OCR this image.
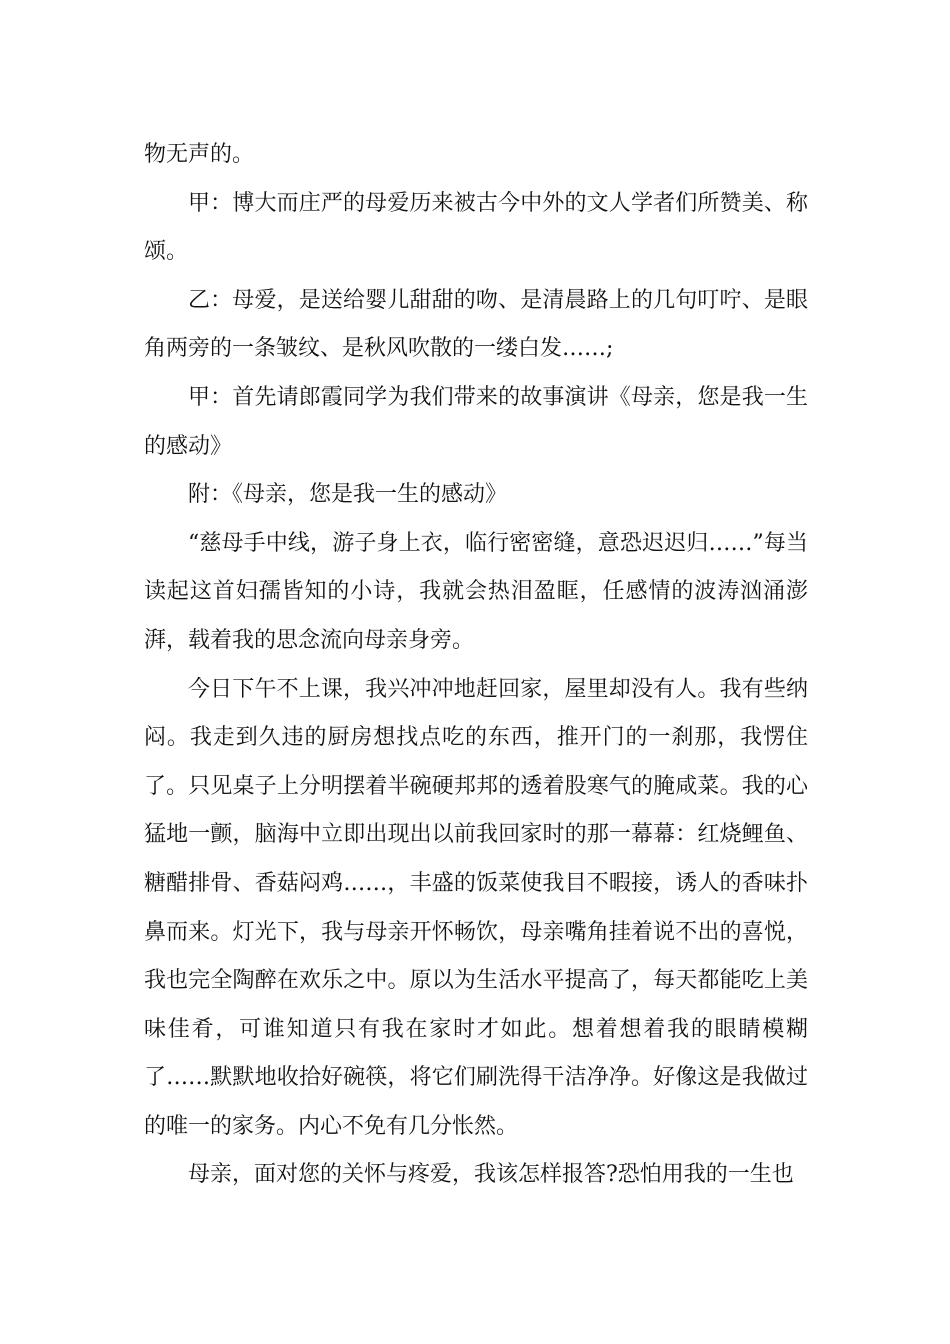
物无声的。

甲：博大而庄严的母爱历来被古今中外的文人学者们所赞美、称颂。

乙：母爱，是送给婴儿甜甜的吻、是清晨路上的几句叮咛、是眼角两旁的一条皱纹、是秋风吹散的一缕白发……;

甲：首先请郎霞同学为我们带来的故事演讲《母亲，您是我一生的感动》

附：《母亲，您是我一生的感动》

“慈母手中线，游子身上衣，临行密密缝，意恐迟迟归……”每当读起这首妇孺皆知的小诗，我就会热泪盈眶，任感情的波涛汹涌澎湃，载着我的思念流向母亲身旁。

今日下午不上课，我兴冲冲地赶回家，屋里却没有人。我有些纳闷。我走到久违的厨房想找点吃的东西，推开门的一刹那，我愣住了。只见桌子上分明摆着半碗硬邦邦的透着股寒气的腌咸菜。我的心猛地一颤，脑海中立即出现出以前我回家时的那一幕幕：红烧鲤鱼、糖醋排骨、香菇闷鸡……，丰盛的饭菜使我目不暇接，诱人的香味扑鼻而来。灯光下，我与母亲开怀畅饮，母亲嘴角挂着说不出的喜悦，我也完全陶醉在欢乐之中。原以为生活水平提高了，每天都能吃上美味佳肴，可谁知道只有我在家时才如此。想着想着我的眼睛模糊了……默默地收拾好碗筷，将它们刷洗得干洁净净。好像这是我做过的唯一的家务。内心不免有几分怅然。

母亲，面对您的关怀与疼爱，我该怎样报答?恐怕用我的一生也
